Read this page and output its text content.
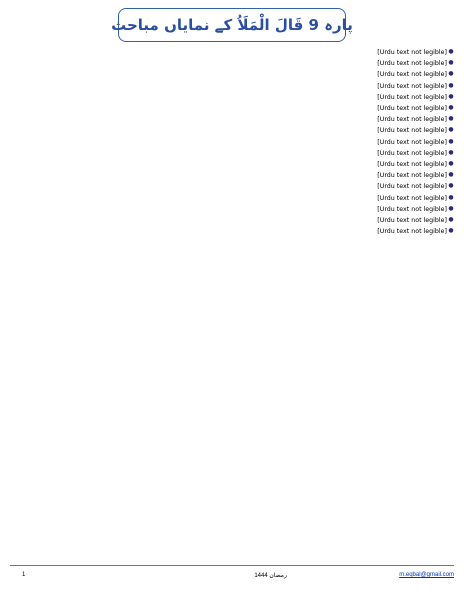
پارہ 9 قَالَ الْمَلَاُ کے نمایاں مباحث

●
[Urdu text not legible]

●
[Urdu text not legible]

●
[Urdu text not legible]

●
[Urdu text not legible]

●
[Urdu text not legible]

●
[Urdu text not legible]

●
[Urdu text not legible]

●
[Urdu text not legible]

●
[Urdu text not legible]

●
[Urdu text not legible]

●
[Urdu text not legible]

●
[Urdu text not legible]

●
[Urdu text not legible]

●
[Urdu text not legible]

●
[Urdu text not legible]

●
[Urdu text not legible]

●
[Urdu text not legible]

1	رمضان 1444	m.eqbal@gmail.com
